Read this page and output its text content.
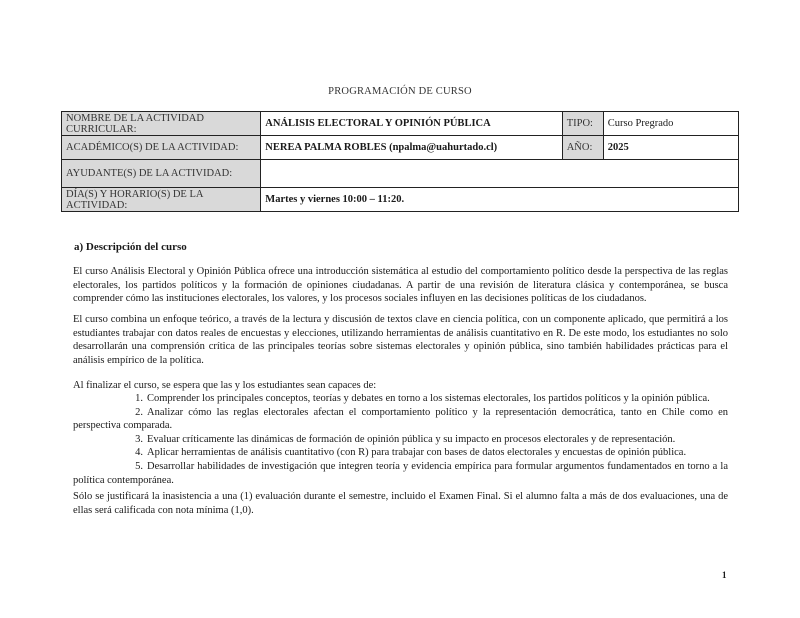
PROGRAMACIÓN DE CURSO
NOMBRE DE LA ACTIVIDAD CURRICULAR:	ANÁLISIS ELECTORAL Y OPINIÓN PÚBLICA	TIPO:	Curso Pregrado
ACADÉMICO(S) DE LA ACTIVIDAD:	NEREA PALMA ROBLES (npalma@uahurtado.cl)	AÑO:	2025
AYUDANTE(S) DE LA ACTIVIDAD:			
DÍA(S) Y HORARIO(S) DE LA ACTIVIDAD:	Martes y viernes 10:00 – 11:20.		
a) Descripción del curso
El curso Análisis Electoral y Opinión Pública ofrece una introducción sistemática al estudio del comportamiento político desde la perspectiva de las reglas electorales, los partidos políticos y la formación de opiniones ciudadanas. A partir de una revisión de literatura clásica y contemporánea, se busca comprender cómo las instituciones electorales, los valores, y los procesos sociales influyen en las decisiones políticas de los ciudadanos.
El curso combina un enfoque teórico, a través de la lectura y discusión de textos clave en ciencia política, con un componente aplicado, que permitirá a los estudiantes trabajar con datos reales de encuestas y elecciones, utilizando herramientas de análisis cuantitativo en R. De este modo, los estudiantes no solo desarrollarán una comprensión crítica de las principales teorías sobre sistemas electorales y opinión pública, sino también habilidades prácticas para el análisis empírico de la política.
Al finalizar el curso, se espera que las y los estudiantes sean capaces de:
1. Comprender los principales conceptos, teorías y debates en torno a los sistemas electorales, los partidos políticos y la opinión pública.
2. Analizar cómo las reglas electorales afectan el comportamiento político y la representación democrática, tanto en Chile como en perspectiva comparada.
3. Evaluar críticamente las dinámicas de formación de opinión pública y su impacto en procesos electorales y de representación.
4. Aplicar herramientas de análisis cuantitativo (con R) para trabajar con bases de datos electorales y encuestas de opinión pública.
5. Desarrollar habilidades de investigación que integren teoría y evidencia empírica para formular argumentos fundamentados en torno a la política contemporánea.
Sólo se justificará la inasistencia a una (1) evaluación durante el semestre, incluido el Examen Final. Si el alumno falta a más de dos evaluaciones, una de ellas será calificada con nota mínima (1,0).
1
